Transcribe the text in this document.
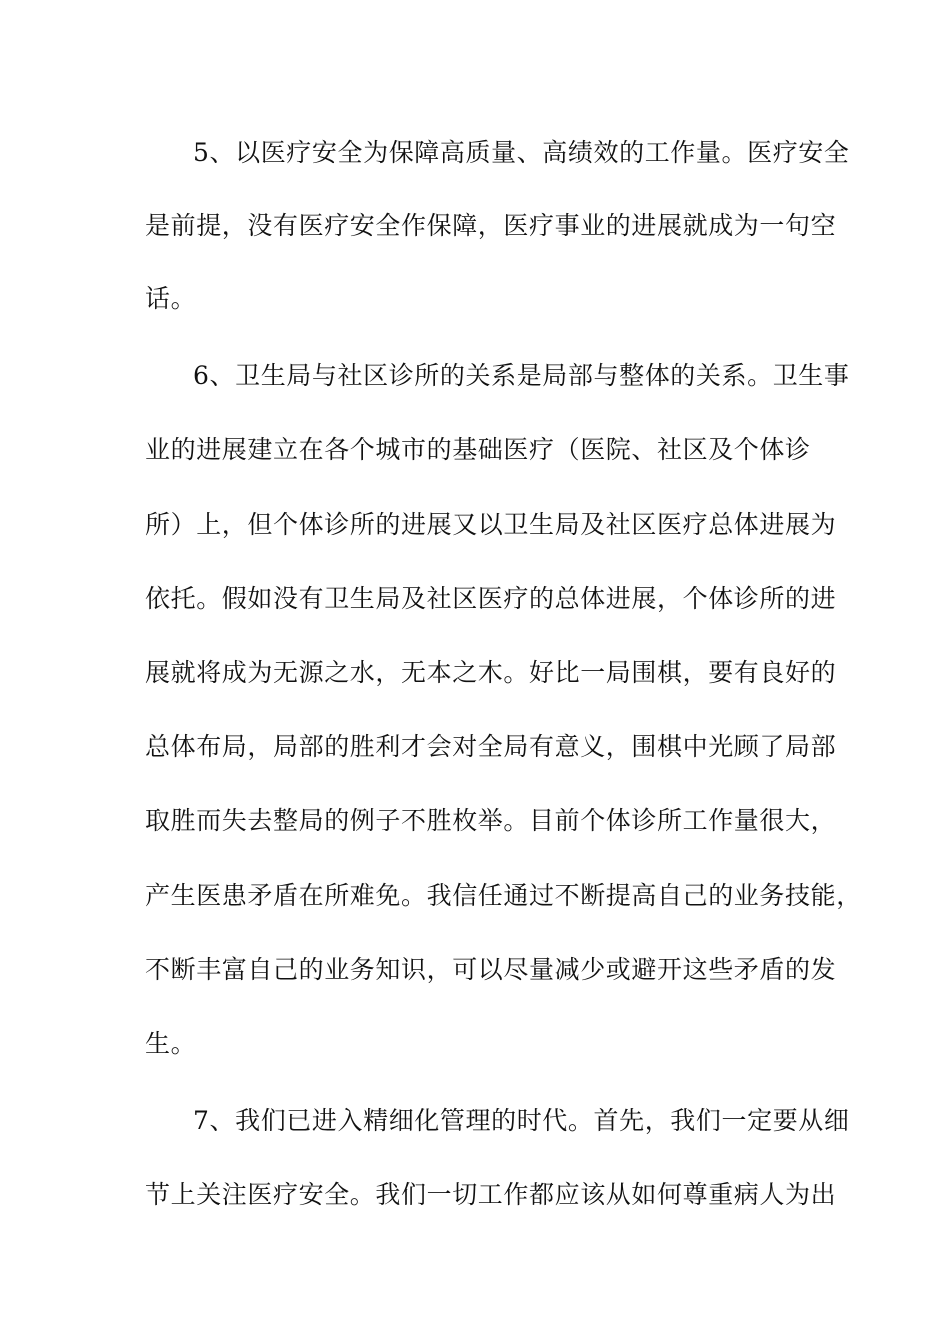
5、以医疗安全为保障高质量、高绩效的工作量。医疗安全
是前提，没有医疗安全作保障，医疗事业的进展就成为一句空
话。
6、卫生局与社区诊所的关系是局部与整体的关系。卫生事
业的进展建立在各个城市的基础医疗（医院、社区及个体诊
所）上，但个体诊所的进展又以卫生局及社区医疗总体进展为
依托。假如没有卫生局及社区医疗的总体进展，个体诊所的进
展就将成为无源之水，无本之木。好比一局围棋，要有良好的
总体布局，局部的胜利才会对全局有意义，围棋中光顾了局部
取胜而失去整局的例子不胜枚举。目前个体诊所工作量很大，
产生医患矛盾在所难免。我信任通过不断提高自己的业务技能，
不断丰富自己的业务知识，可以尽量减少或避开这些矛盾的发
生。
7、我们已进入精细化管理的时代。首先，我们一定要从细
节上关注医疗安全。我们一切工作都应该从如何尊重病人为出
